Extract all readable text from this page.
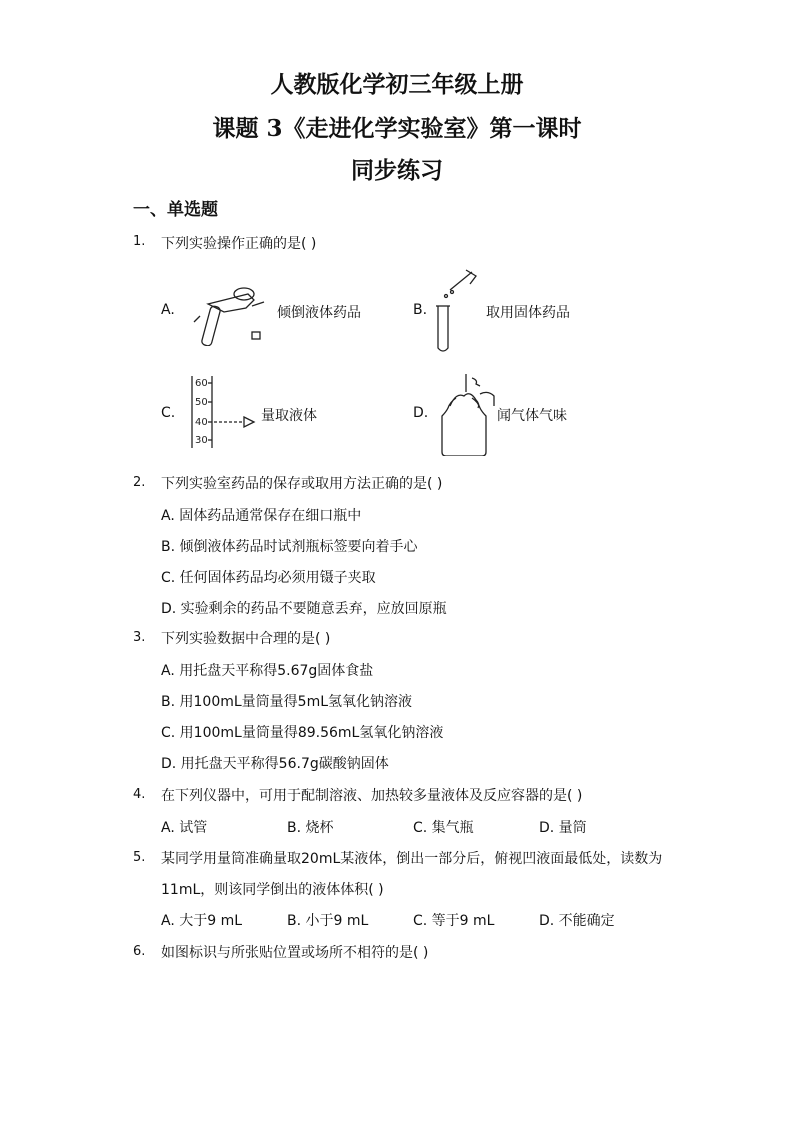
人教版化学初三年级上册
课题 3《走进化学实验室》第一课时
同步练习
一、单选题
1. 下列实验操作正确的是( )
A.	倾倒液体药品	B.	取用固体药品
C.
60
50
40
30
量取液体	D.	闻气体气味
2. 下列实验室药品的保存或取用方法正确的是( )
A. 固体药品通常保存在细口瓶中
B. 倾倒液体药品时试剂瓶标签要向着手心
C. 任何固体药品均必须用镊子夹取
D. 实验剩余的药品不要随意丢弃，应放回原瓶
3. 下列实验数据中合理的是( )
A. 用托盘天平称得5.67g固体食盐
B. 用100mL量筒量得5mL氢氧化钠溶液
C. 用100mL量筒量得89.56mL氢氧化钠溶液
D. 用托盘天平称得56.7g碳酸钠固体
4. 在下列仪器中，可用于配制溶液、加热较多量液体及反应容器的是( )
A. 试管	B. 烧杯	C. 集气瓶	D. 量筒
5. 某同学用量筒准确量取20mL某液体，倒出一部分后，俯视凹液面最低处，读数为
11mL，则该同学倒出的液体体积( )
A. 大于9 mL	B. 小于9 mL	C. 等于9 mL	D. 不能确定
6. 如图标识与所张贴位置或场所不相符的是( )
